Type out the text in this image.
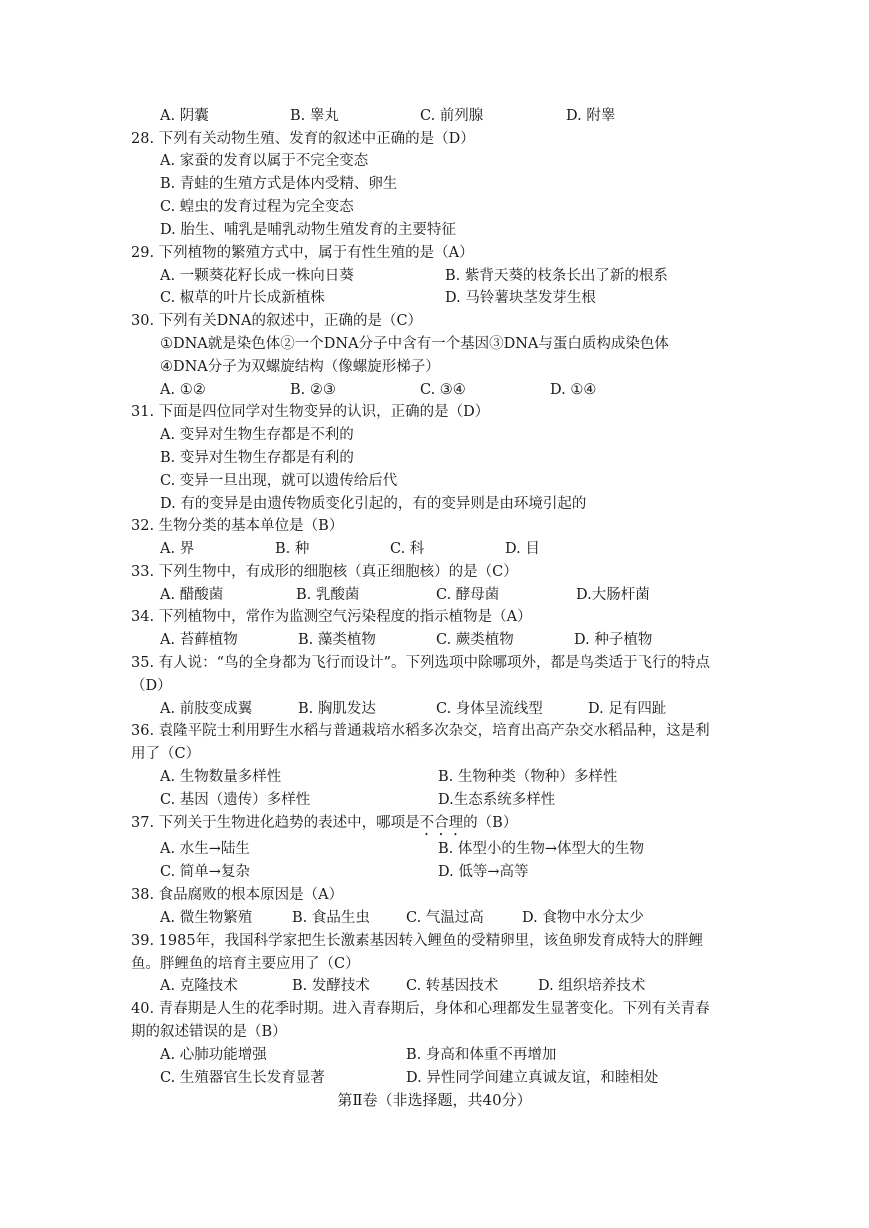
A. 阴囊	B. 睾丸	C. 前列腺	D. 附睾
28. 下列有关动物生殖、发育的叙述中正确的是（D）
A. 家蚕的发育以属于不完全变态
B. 青蛙的生殖方式是体内受精、卵生
C. 蝗虫的发育过程为完全变态
D. 胎生、哺乳是哺乳动物生殖发育的主要特征
29. 下列植物的繁殖方式中，属于有性生殖的是（A）
A. 一颗葵花籽长成一株向日葵	B. 紫背天葵的枝条长出了新的根系
C. 椒草的叶片长成新植株	D. 马铃薯块茎发芽生根
30. 下列有关DNA的叙述中，正确的是（C）
①DNA就是染色体②一个DNA分子中含有一个基因③DNA与蛋白质构成染色体
④DNA分子为双螺旋结构（像螺旋形梯子）
A. ①②	B. ②③	C. ③④	D. ①④
31. 下面是四位同学对生物变异的认识，正确的是（D）
A. 变异对生物生存都是不利的
B. 变异对生物生存都是有利的
C. 变异一旦出现，就可以遗传给后代
D. 有的变异是由遗传物质变化引起的，有的变异则是由环境引起的
32. 生物分类的基本单位是（B）
A. 界	B. 种	C. 科	D. 目
33. 下列生物中，有成形的细胞核（真正细胞核）的是（C）
A. 醋酸菌	B. 乳酸菌	C. 酵母菌	D.大肠杆菌
34. 下列植物中，常作为监测空气污染程度的指示植物是（A）
A. 苔藓植物	B. 藻类植物	C. 蕨类植物	D. 种子植物
35. 有人说：“鸟的全身都为飞行而设计”。下列选项中除哪项外，都是鸟类适于飞行的特点
（D）
A. 前肢变成翼	B. 胸肌发达	C. 身体呈流线型	D. 足有四趾
36. 袁隆平院士利用野生水稻与普通栽培水稻多次杂交，培育出高产杂交水稻品种，这是利
用了（C）
A. 生物数量多样性	B. 生物种类（物种）多样性
C. 基因（遗传）多样性	D.生态系统多样性
37. 下列关于生物进化趋势的表述中，哪项是不合理的（B）
A. 水生→陆生	B. 体型小的生物→体型大的生物
C. 简单→复杂	D. 低等→高等
38. 食品腐败的根本原因是（A）
A. 微生物繁殖	B. 食品生虫 C. 气温过高	D. 食物中水分太少
39. 1985年，我国科学家把生长激素基因转入鲤鱼的受精卵里，该鱼卵发育成特大的胖鲤
鱼。胖鲤鱼的培育主要应用了（C）
A. 克隆技术	B. 发酵技术 C. 转基因技术	D. 组织培养技术
40. 青春期是人生的花季时期。进入青春期后，身体和心理都发生显著变化。下列有关青春
期的叙述错误的是（B）
A. 心肺功能增强	B. 身高和体重不再增加
C. 生殖器官生长发育显著	D. 异性同学间建立真诚友谊，和睦相处
第Ⅱ卷（非选择题，共40分）
